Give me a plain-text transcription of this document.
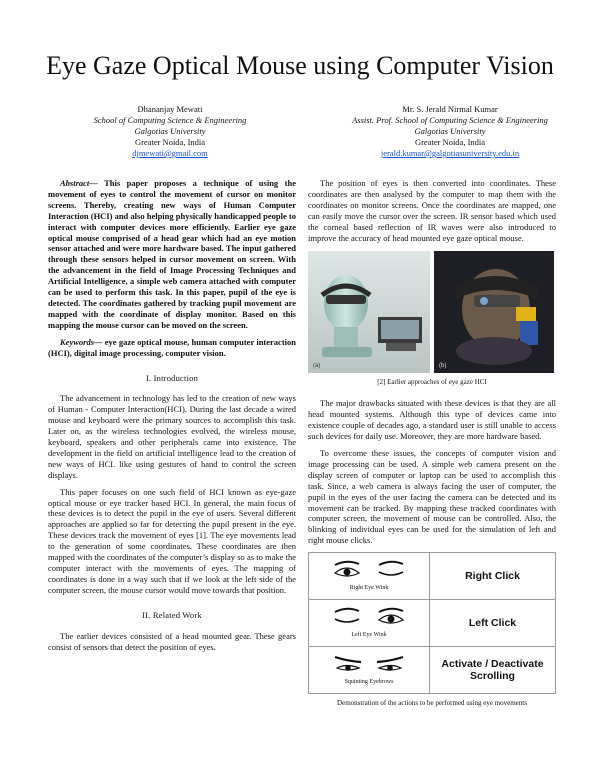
Eye Gaze Optical Mouse using Computer Vision
Dhananjay Mewati
School of Computing Science & Engineering
Galgotias University
Greater Noida, India
djmewati@gmail.com
Mr. S. Jerald Nirmal Kumar
Assist. Prof. School of Computing Science & Engineering
Galgotias University
Greater Noida, India
jerald.kumar@galgotiasuniversity.edu.in

Abstract— This paper proposes a technique of using the movement of eyes to control the movement of cursor on monitor screens. Thereby, creating new ways of Human Computer Interaction (HCI) and also helping physically handicapped people to interact with computer devices more efficiently. Earlier eye gaze optical mouse comprised of a head gear which had an eye motion sensor attached and were more hardware based. The input gathered through these sensors helped in cursor movement on screen. With the advancement in the field of Image Processing Techniques and Artificial Intelligence, a simple web camera attached with computer can be used to perform this task. In this paper, pupil of the eye is detected. The coordinates gathered by tracking pupil movement are mapped with the coordinate of display monitor. Based on this mapping the mouse cursor can be moved on the screen.

Keywords— eye gaze optical mouse, human computer interaction (HCI), digital image processing, computer vision.

I. Introduction

The advancement in technology has led to the creation of new ways of Human - Computer Interaction(HCI). During the last decade a wired mouse and keyboard were the primary sources to accomplish this task. Later on, as the wireless technologies evolved, the wireless mouse, keyboard, speakers and other peripherals came into existence. The development in the field on artificial intelligence lead to the creation of new ways of HCI. like using gestures of hand to control the screen displays.

This paper focuses on one such field of HCI known as eye-gaze optical mouse or eye tracker based HCI. In general, the main focus of these devices is to detect the pupil in the eye of users. Several different approaches are applied so far for detecting the pupil present in the eye. These devices track the movement of eyes [1]. The eye movements lead to the generation of some coordinates. These coordinates are then mapped with the coordinates of the computer’s display so as to make the computer interact with the movements of eyes. The mapping of coordinates is done in a way such that if we look at the left side of the computer screen, the mouse cursor would move towards that position.

II. Related Work

The earlier devices consisted of a head mounted gear. These gears consist of sensors that detect the position of eyes.

The position of eyes is then converted into coordinates. These coordinates are then analysed by the computer to map them with the coordinates on monitor screens. Once the coordinates are mapped, one can easily move the cursor over the screen. IR sensor based which used the corneal based reflection of IR waves were also introduced to improve the accuracy of head mounted eye gaze optical mouse.

(a)	(b)
[2] Earlier approaches of eye gaze HCI

The major drawbacks situated with these devices is that they are all head mounted systems. Although this type of devices came into existence couple of decades ago, a standard user is still unable to access such devices for daily use. Moreover, they are more hardware based.

To overcome these issues, the concepts of computer vision and image processing can be used. A simple web camera present on the display screen of computer or laptop can be used to accomplish this task. Since, a web camera is always facing the user of computer, the pupil in the eyes of the user facing the camera can be detected and its movement can be tracked. By mapping these tracked coordinates with computer screen, the movement of mouse can be controlled. Also, the blinking of individual eyes can be used for the simulation of left and right mouse clicks.

Right Eye Wink	Right Click

Left Eye Wink	Left Click

Squinting Eyebrows	Activate / Deactivate Scrolling
Demonstration of the actions to be performed using eye movements
